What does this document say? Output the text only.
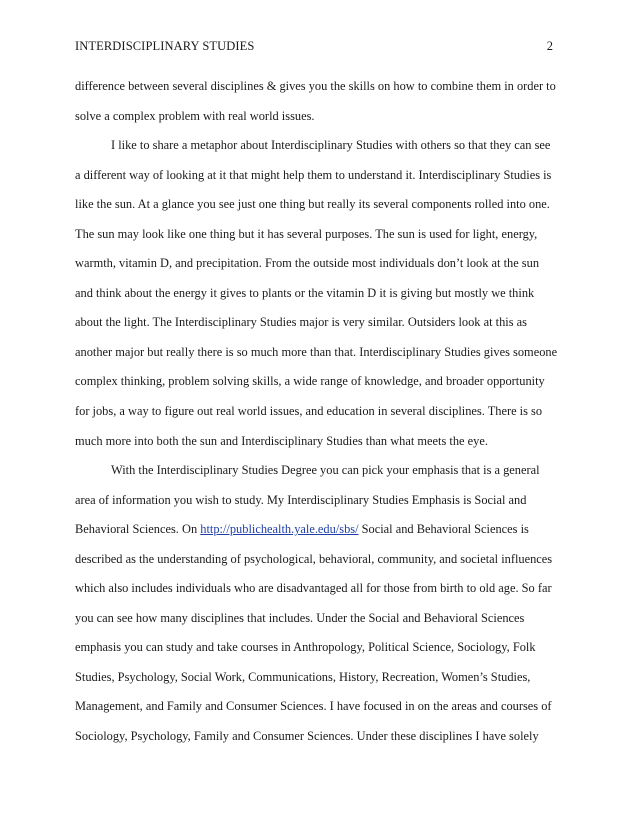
INTERDISCIPLINARY STUDIES	2
difference between several disciplines & gives you the skills on how to combine them in order to
solve a complex problem with real world issues.
I like to share a metaphor about Interdisciplinary Studies with others so that they can see
a different way of looking at it that might help them to understand it. Interdisciplinary Studies is
like the sun. At a glance you see just one thing but really its several components rolled into one.
The sun may look like one thing but it has several purposes. The sun is used for light, energy,
warmth, vitamin D, and precipitation. From the outside most individuals don’t look at the sun
and think about the energy it gives to plants or the vitamin D it is giving but mostly we think
about the light. The Interdisciplinary Studies major is very similar. Outsiders look at this as
another major but really there is so much more than that. Interdisciplinary Studies gives someone
complex thinking, problem solving skills, a wide range of knowledge, and broader opportunity
for jobs, a way to figure out real world issues, and education in several disciplines. There is so
much more into both the sun and Interdisciplinary Studies than what meets the eye.
With the Interdisciplinary Studies Degree you can pick your emphasis that is a general
area of information you wish to study. My Interdisciplinary Studies Emphasis is Social and
Behavioral Sciences. On http://publichealth.yale.edu/sbs/ Social and Behavioral Sciences is
described as the understanding of psychological, behavioral, community, and societal influences
which also includes individuals who are disadvantaged all for those from birth to old age. So far
you can see how many disciplines that includes. Under the Social and Behavioral Sciences
emphasis you can study and take courses in Anthropology, Political Science, Sociology, Folk
Studies, Psychology, Social Work, Communications, History, Recreation, Women’s Studies,
Management, and Family and Consumer Sciences. I have focused in on the areas and courses of
Sociology, Psychology, Family and Consumer Sciences. Under these disciplines I have solely
